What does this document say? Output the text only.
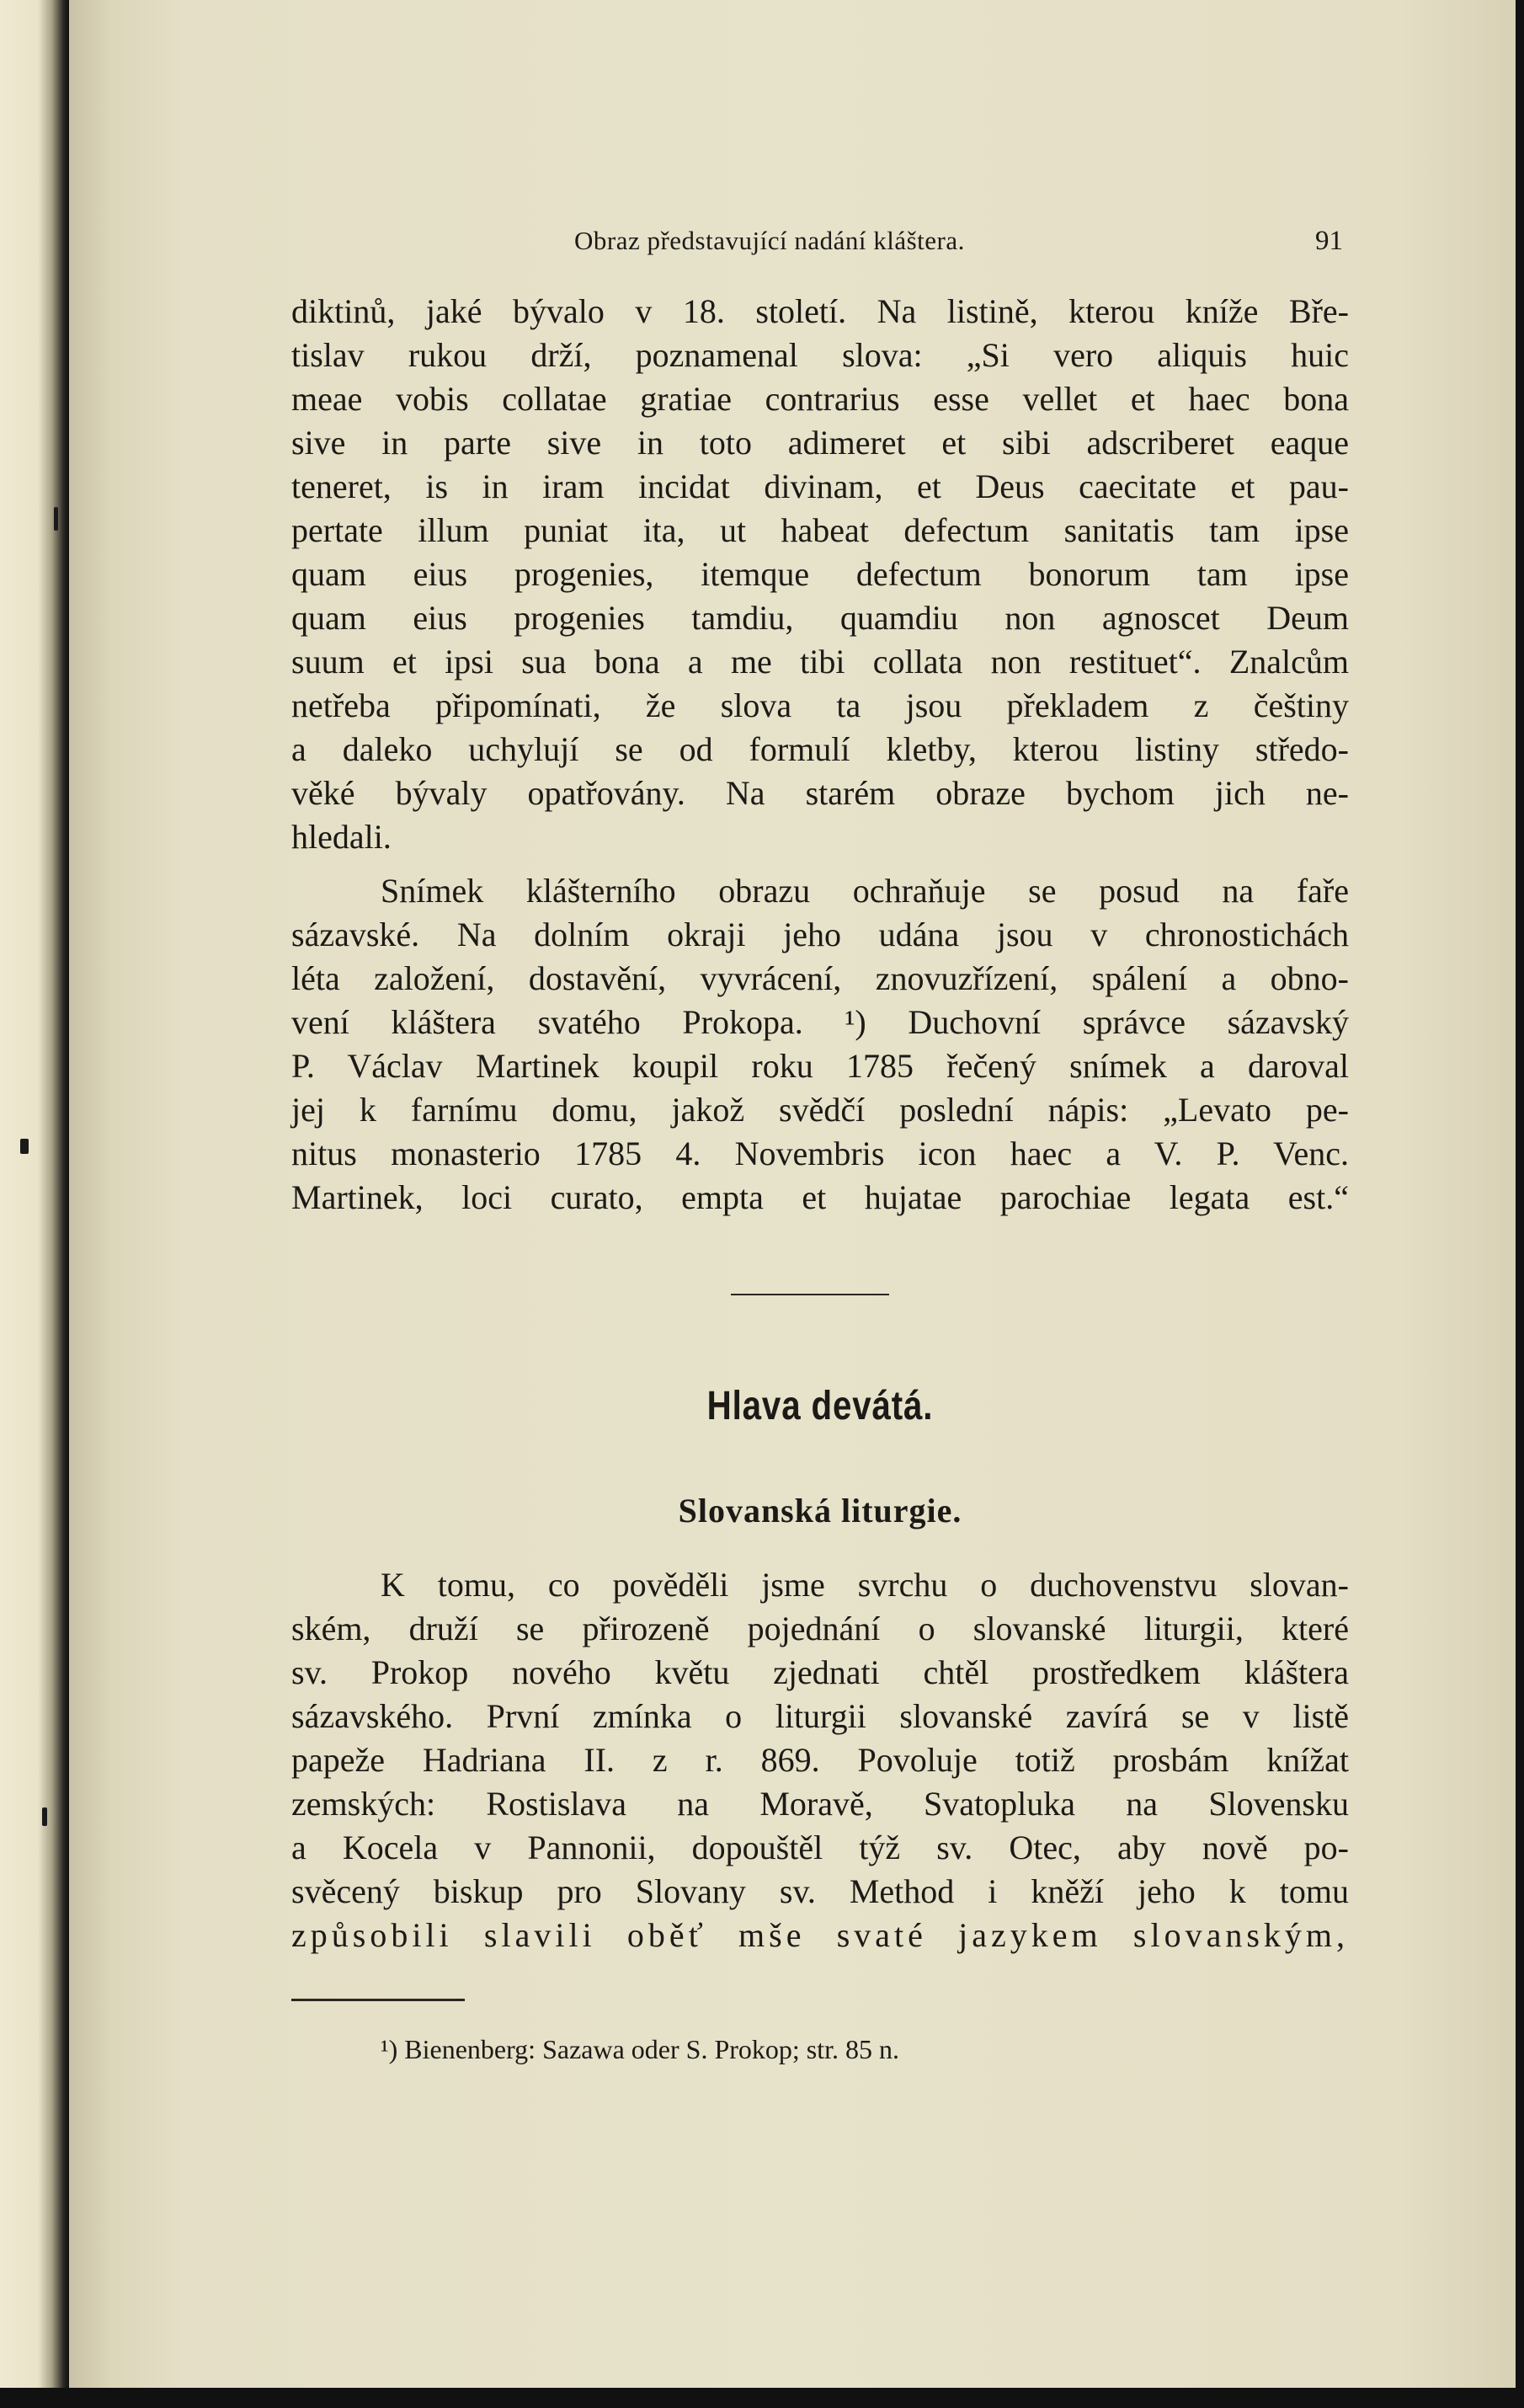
Obraz představující nadání kláštera.	91
diktinů, jaké bývalo v 18. století. Na listině, kterou kníže Bře-
tislav rukou drží, poznamenal slova: „Si vero aliquis huic
meae vobis collatae gratiae contrarius esse vellet et haec bona
sive in parte sive in toto adimeret et sibi adscriberet eaque
teneret, is in iram incidat divinam, et Deus caecitate et pau-
pertate illum puniat ita, ut habeat defectum sanitatis tam ipse
quam eius progenies, itemque defectum bonorum tam ipse
quam eius progenies tamdiu, quamdiu non agnoscet Deum
suum et ipsi sua bona a me tibi collata non restituet“. Znalcům
netřeba připomínati, že slova ta jsou překladem z češtiny
a daleko uchylují se od formulí kletby, kterou listiny středo-
věké bývaly opatřovány. Na starém obraze bychom jich ne-
hledali.
Snímek klášterního obrazu ochraňuje se posud na faře
sázavské. Na dolním okraji jeho udána jsou v chronostichách
léta založení, dostavění, vyvrácení, znovuzřízení, spálení a obno-
vení kláštera svatého Prokopa. ¹) Duchovní správce sázavský
P. Václav Martinek koupil roku 1785 řečený snímek a daroval
jej k farnímu domu, jakož svědčí poslední nápis: „Levato pe-
nitus monasterio 1785 4. Novembris icon haec a V. P. Venc.
Martinek, loci curato, empta et hujatae parochiae legata est.“
Hlava devátá.
Slovanská liturgie.
K tomu, co pověděli jsme svrchu o duchovenstvu slovan-
ském, druží se přirozeně pojednání o slovanské liturgii, které
sv. Prokop nového květu zjednati chtěl prostředkem kláštera
sázavského. První zmínka o liturgii slovanské zavírá se v listě
papeže Hadriana II. z r. 869. Povoluje totiž prosbám knížat
zemských: Rostislava na Moravě, Svatopluka na Slovensku
a Kocela v Pannonii, dopouštěl týž sv. Otec, aby nově po-
svěcený biskup pro Slovany sv. Method i kněží jeho k tomu
způsobili slavili oběť mše svaté jazykem slovanským,
¹) Bienenberg: Sazawa oder S. Prokop; str. 85 n.
